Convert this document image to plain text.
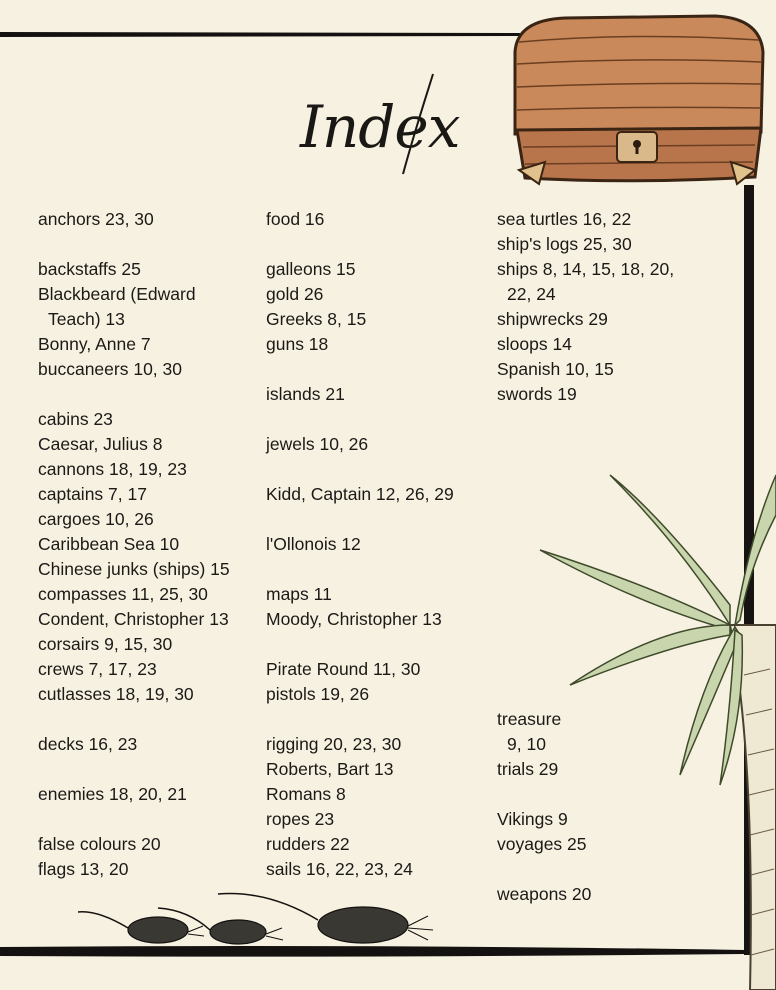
Index
anchors 23, 30
backstaffs 25
Blackbeard (Edward
Teach) 13
Bonny, Anne 7
buccaneers 10, 30
cabins 23
Caesar, Julius 8
cannons 18, 19, 23
captains 7, 17
cargoes 10, 26
Caribbean Sea 10
Chinese junks (ships) 15
compasses 11, 25, 30
Condent, Christopher 13
corsairs 9, 15, 30
crews 7, 17, 23
cutlasses 18, 19, 30
decks 16, 23
enemies 18, 20, 21
false colours 20
flags 13, 20
food 16
galleons 15
gold 26
Greeks 8, 15
guns 18
islands 21
jewels 10, 26
Kidd, Captain 12, 26, 29
l'Ollonois 12
maps 11
Moody, Christopher 13
Pirate Round 11, 30
pistols 19, 26
rigging 20, 23, 30
Roberts, Bart 13
Romans 8
ropes 23
rudders 22
sails 16, 22, 23, 24
sea turtles 16, 22
ship's logs 25, 30
ships 8, 14, 15, 18, 20,
22, 24
shipwrecks 29
sloops 14
Spanish 10, 15
swords 19
treasure
9, 10
trials 29
Vikings 9
voyages 25
weapons 20
